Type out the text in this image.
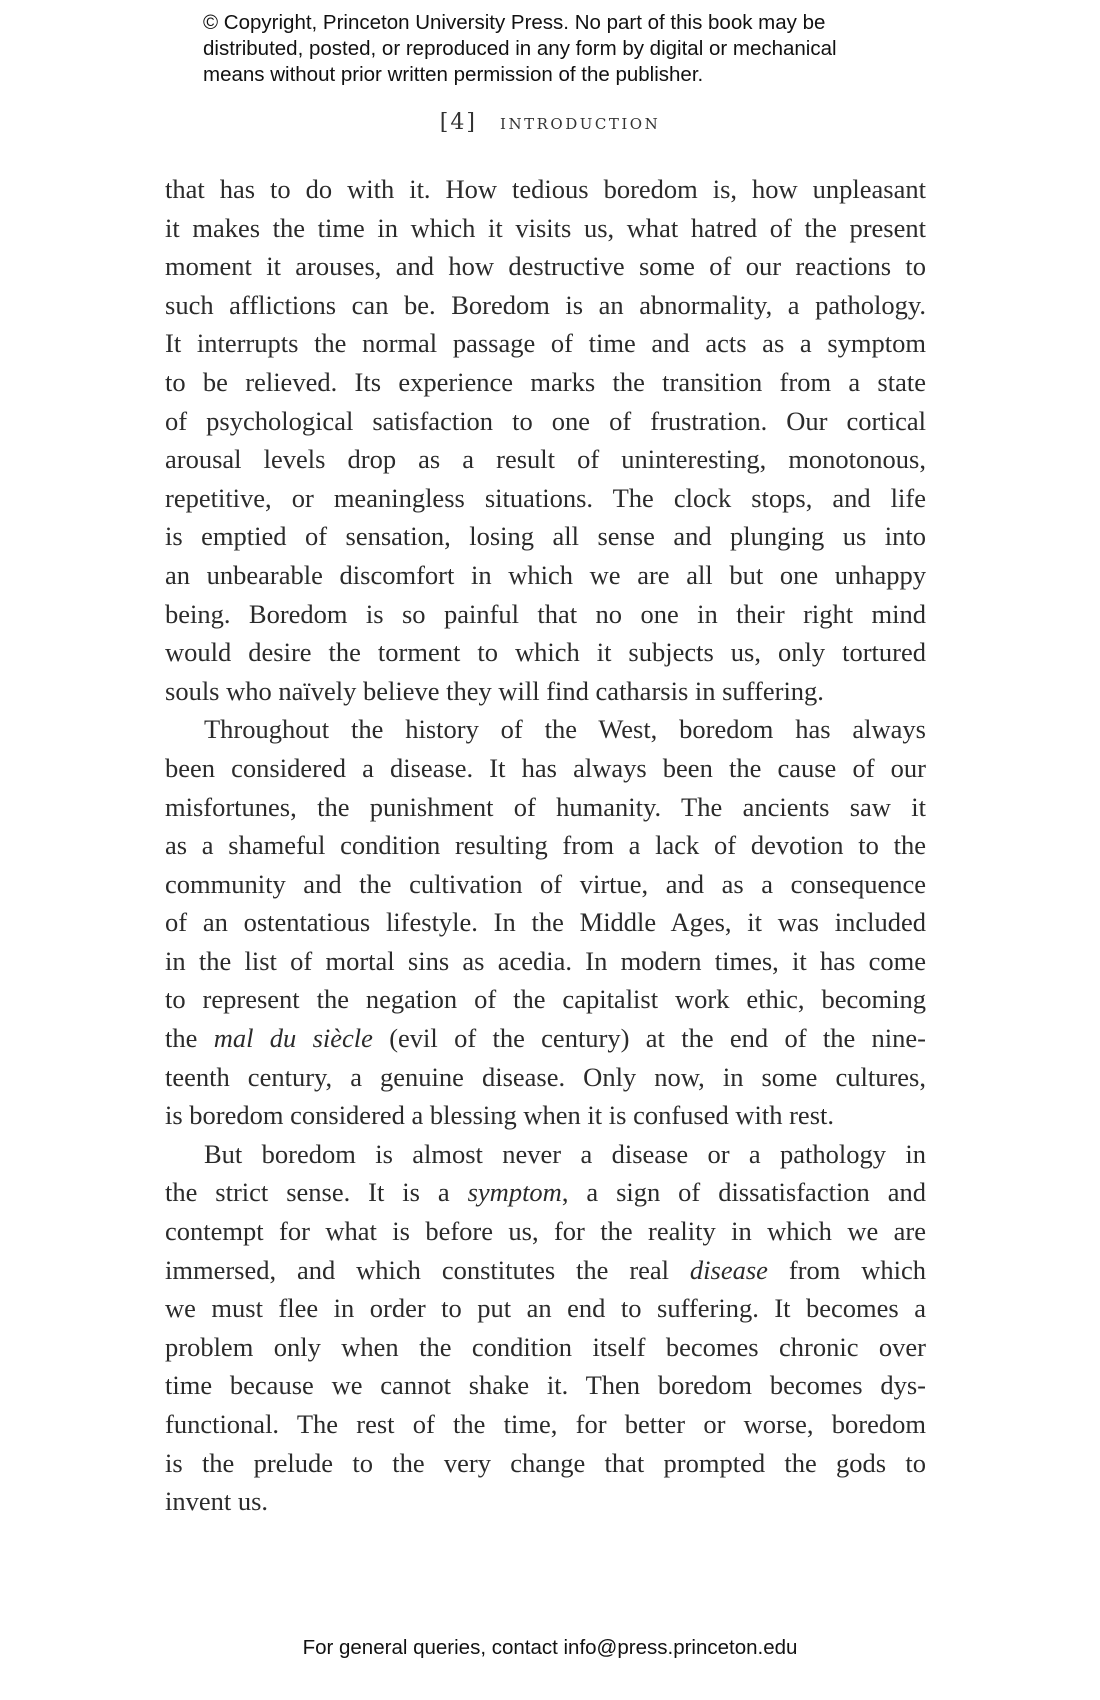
© Copyright, Princeton University Press. No part of this book may be
distributed, posted, or reproduced in any form by digital or mechanical
means without prior written permission of the publisher.
[4] INTRODUCTION
that has to do with it. How tedious boredom is, how unpleasant
it makes the time in which it visits us, what hatred of the present
moment it arouses, and how destructive some of our reactions to
such afflictions can be. Boredom is an abnormality, a pathology.
It interrupts the normal passage of time and acts as a symptom
to be relieved. Its experience marks the transition from a state
of psychological satisfaction to one of frustration. Our cortical
arousal levels drop as a result of uninteresting, monotonous,
repetitive, or meaningless situations. The clock stops, and life
is emptied of sensation, losing all sense and plunging us into
an unbearable discomfort in which we are all but one unhappy
being. Boredom is so painful that no one in their right mind
would desire the torment to which it subjects us, only tortured
souls who naïvely believe they will find catharsis in suffering.
Throughout the history of the West, boredom has always
been considered a disease. It has always been the cause of our
misfortunes, the punishment of humanity. The ancients saw it
as a shameful condition resulting from a lack of devotion to the
community and the cultivation of virtue, and as a consequence
of an ostentatious lifestyle. In the Middle Ages, it was included
in the list of mortal sins as acedia. In modern times, it has come
to represent the negation of the capitalist work ethic, becoming
the mal du siècle (evil of the century) at the end of the nine-
teenth century, a genuine disease. Only now, in some cultures,
is boredom considered a blessing when it is confused with rest.
But boredom is almost never a disease or a pathology in
the strict sense. It is a symptom, a sign of dissatisfaction and
contempt for what is before us, for the reality in which we are
immersed, and which constitutes the real disease from which
we must flee in order to put an end to suffering. It becomes a
problem only when the condition itself becomes chronic over
time because we cannot shake it. Then boredom becomes dys-
functional. The rest of the time, for better or worse, boredom
is the prelude to the very change that prompted the gods to
invent us.
For general queries, contact info@press.princeton.edu
